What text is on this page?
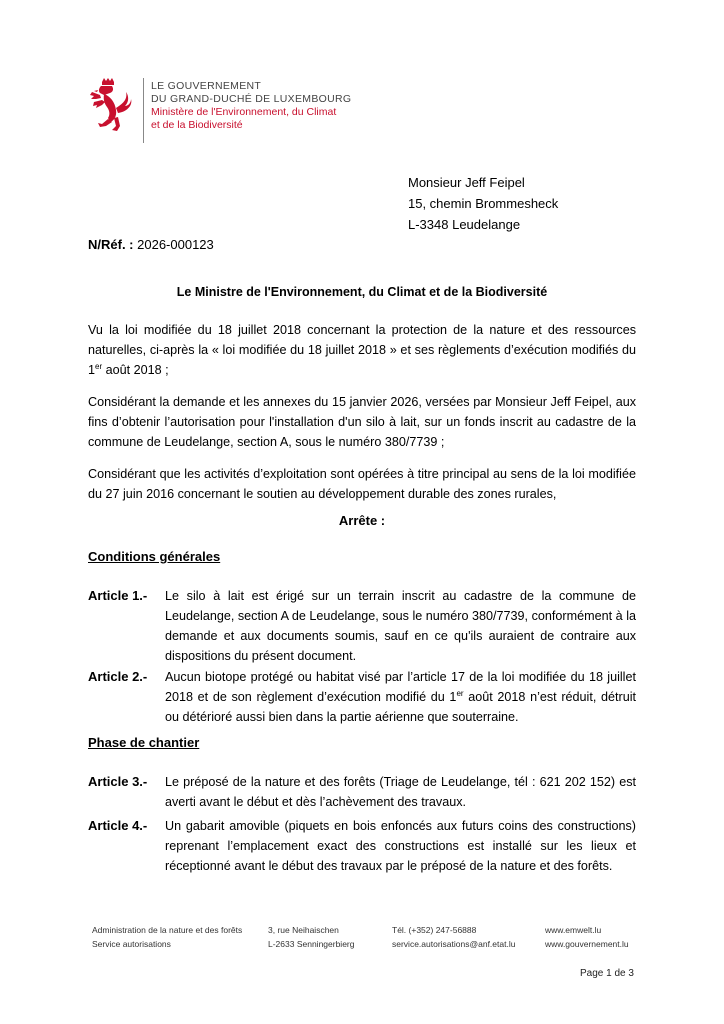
LE GOUVERNEMENT
DU GRAND-DUCHÉ DE LUXEMBOURG
Ministère de l'Environnement, du Climat
et de la Biodiversité
Monsieur Jeff Feipel
15, chemin Brommesheck
L-3348 Leudelange
N/Réf. : 2026-000123
Le Ministre de l'Environnement, du Climat et de la Biodiversité
Vu la loi modifiée du 18 juillet 2018 concernant la protection de la nature et des ressources naturelles, ci-après la « loi modifiée du 18 juillet 2018 » et ses règlements d’exécution modifiés du 1er août 2018 ;
Considérant la demande et les annexes du 15 janvier 2026, versées par Monsieur Jeff Feipel, aux fins d’obtenir l’autorisation pour l'installation d'un silo à lait, sur un fonds inscrit au cadastre de la commune de Leudelange, section A, sous le numéro 380/7739 ;
Considérant que les activités d’exploitation sont opérées à titre principal au sens de la loi modifiée du 27 juin 2016 concernant le soutien au développement durable des zones rurales,
Arrête :
Conditions générales
Article 1.- Le silo à lait est érigé sur un terrain inscrit au cadastre de la commune de Leudelange, section A de Leudelange, sous le numéro 380/7739, conformément à la demande et aux documents soumis, sauf en ce qu'ils auraient de contraire aux dispositions du présent document.
Article 2.- Aucun biotope protégé ou habitat visé par l’article 17 de la loi modifiée du 18 juillet 2018 et de son règlement d’exécution modifié du 1er août 2018 n’est réduit, détruit ou détérioré aussi bien dans la partie aérienne que souterraine.
Phase de chantier
Article 3.- Le préposé de la nature et des forêts (Triage de Leudelange, tél : 621 202 152) est averti avant le début et dès l’achèvement des travaux.
Article 4.- Un gabarit amovible (piquets en bois enfoncés aux futurs coins des constructions) reprenant l’emplacement exact des constructions est installé sur les lieux et réceptionné avant le début des travaux par le préposé de la nature et des forêts.
Administration de la nature et des forêts
Service autorisations
3, rue Neihaischen
L-2633 Senningerbierg
Tél. (+352) 247-56888
service.autorisations@anf.etat.lu
www.emwelt.lu
www.gouvernement.lu
Page 1 de 3
